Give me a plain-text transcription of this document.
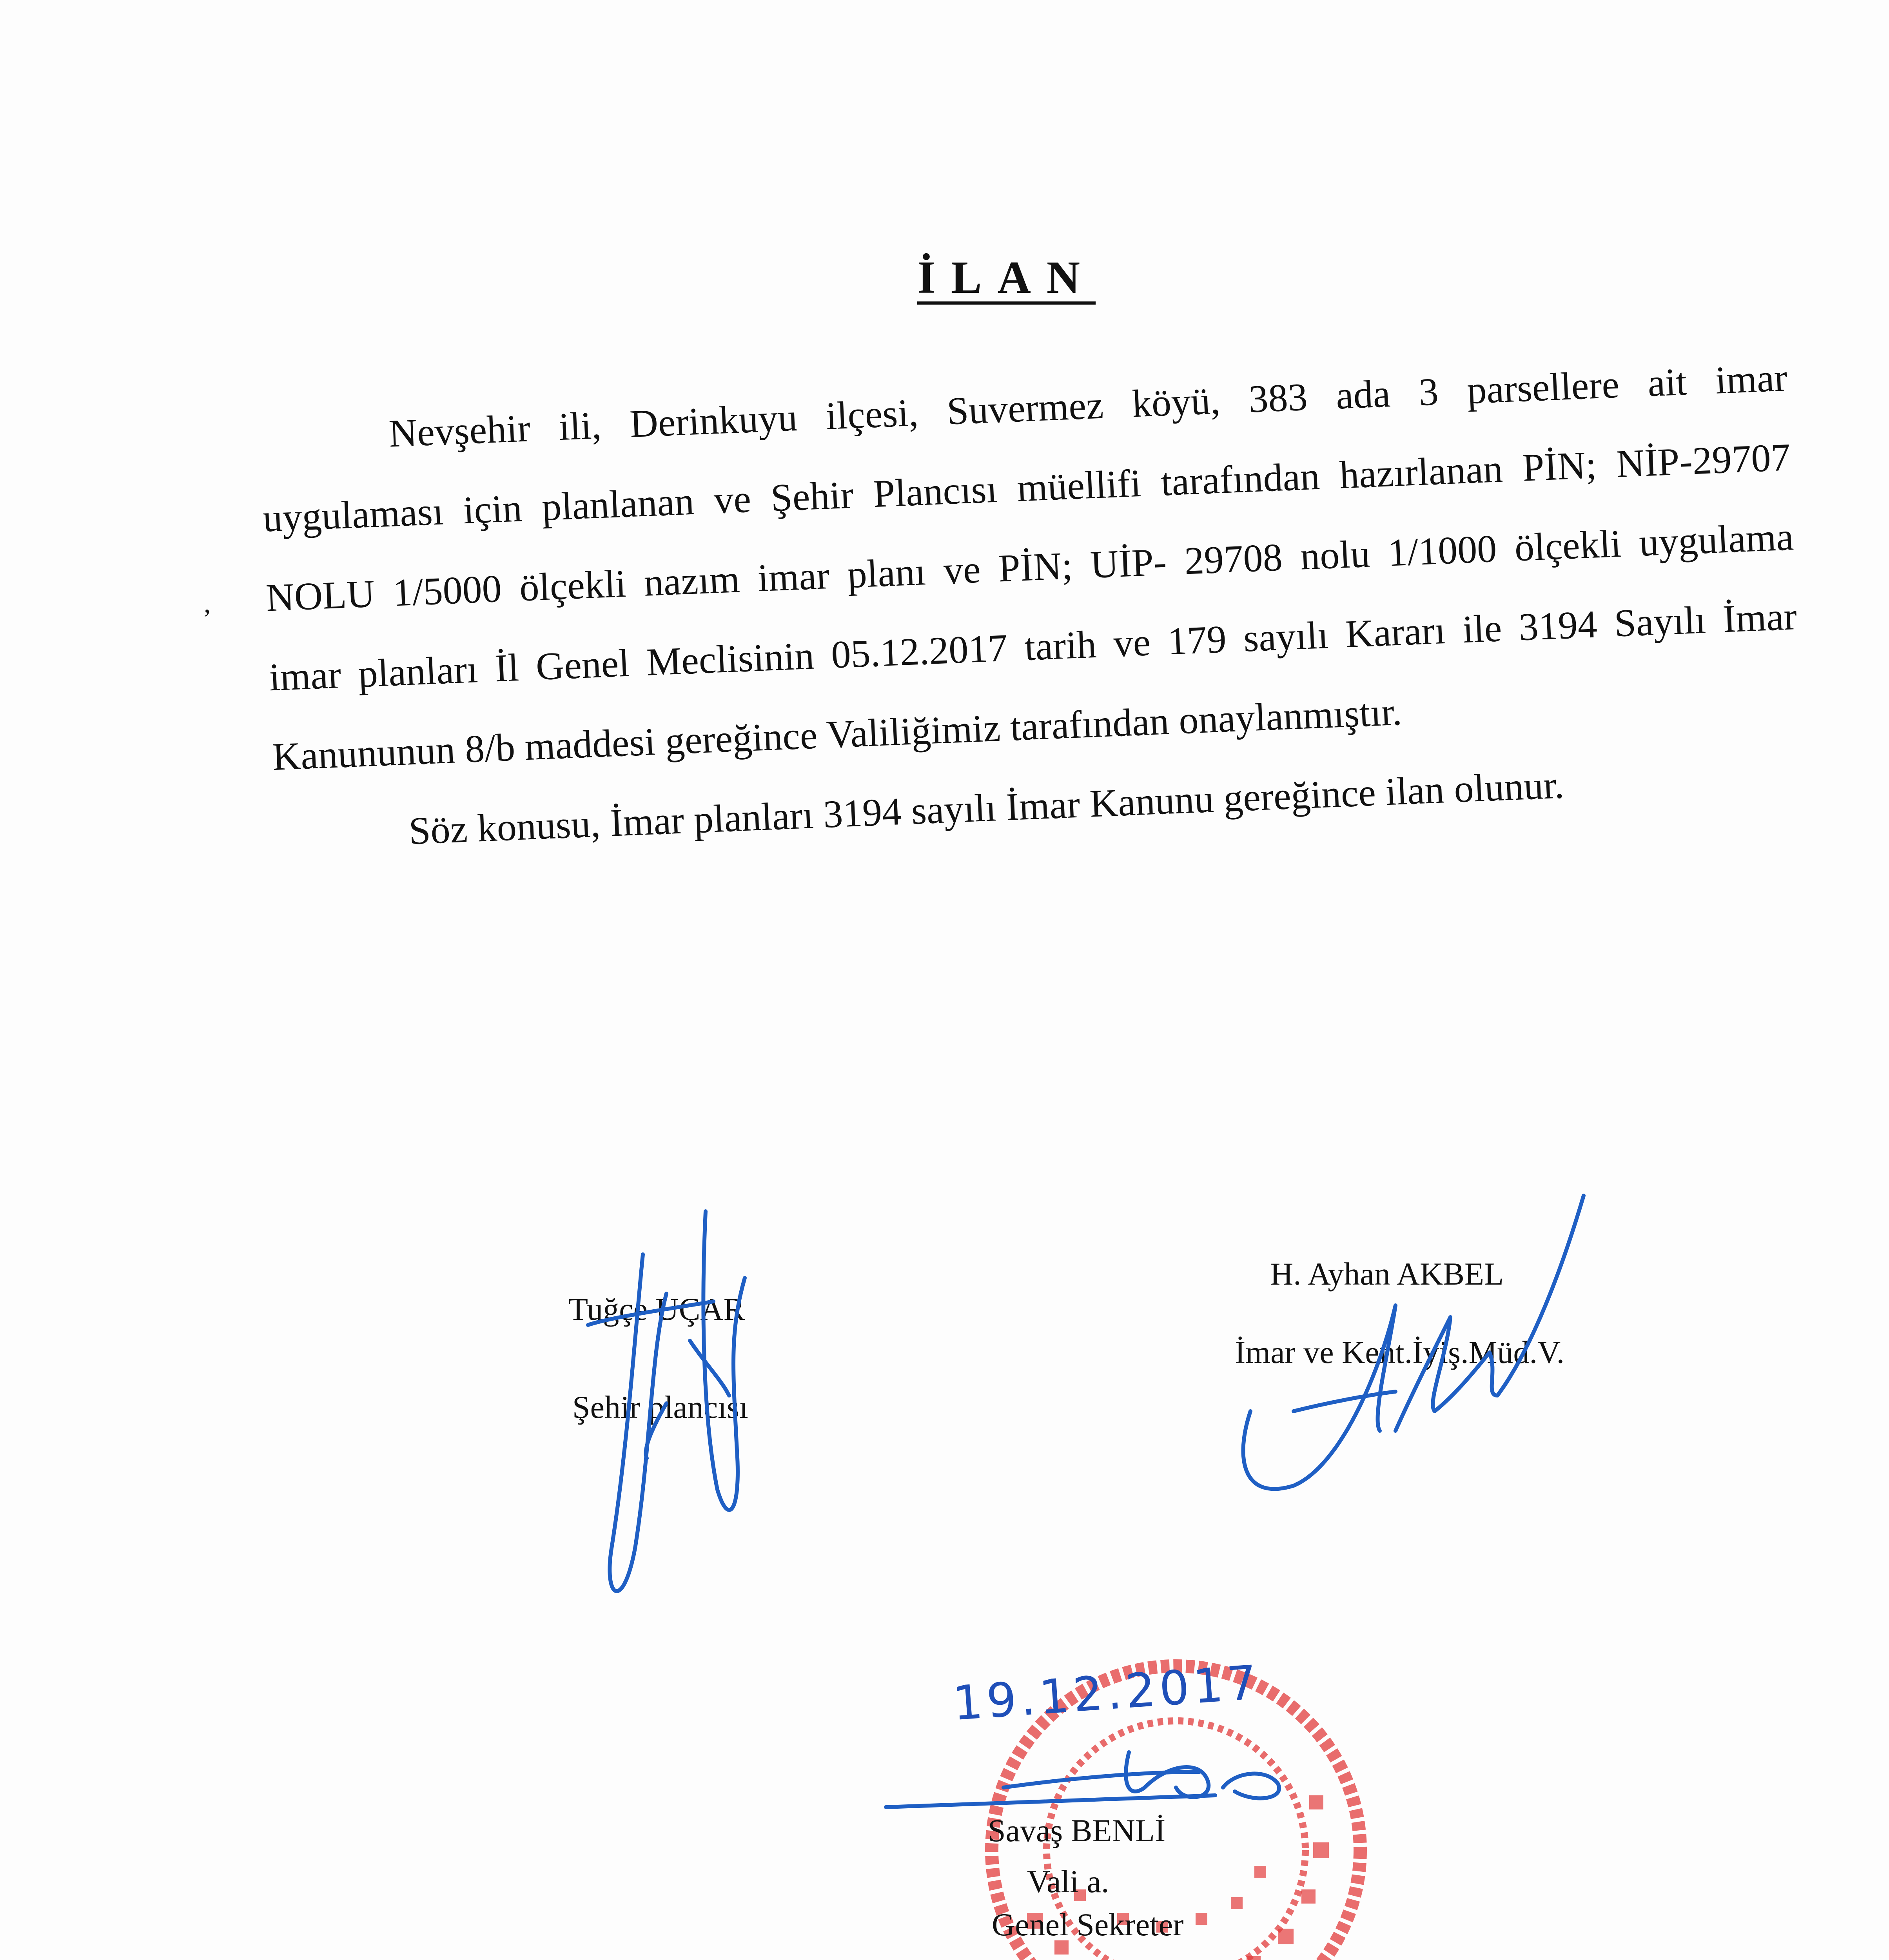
İLAN
,
Nevşehir ili, Derinkuyu ilçesi, Suvermez köyü, 383 ada 3 parsellere ait imar
uygulaması için planlanan ve Şehir Plancısı müellifi tarafından hazırlanan PİN; NİP-29707
NOLU 1/5000 ölçekli nazım imar planı ve PİN; UİP- 29708 nolu 1/1000 ölçekli uygulama
imar planları İl Genel Meclisinin 05.12.2017 tarih ve 179 sayılı Kararı ile 3194 Sayılı İmar
Kanununun 8/b maddesi gereğince Valiliğimiz tarafından onaylanmıştır.
Söz konusu, İmar planları 3194 sayılı İmar Kanunu gereğince ilan olunur.
Tuğçe UÇAR
Şehir plancısı
H. Ayhan AKBEL
İmar ve Kent.İyiş.Müd.V.
Savaş BENLİ
Vali a.
Genel Sekreter
19.12.2017
